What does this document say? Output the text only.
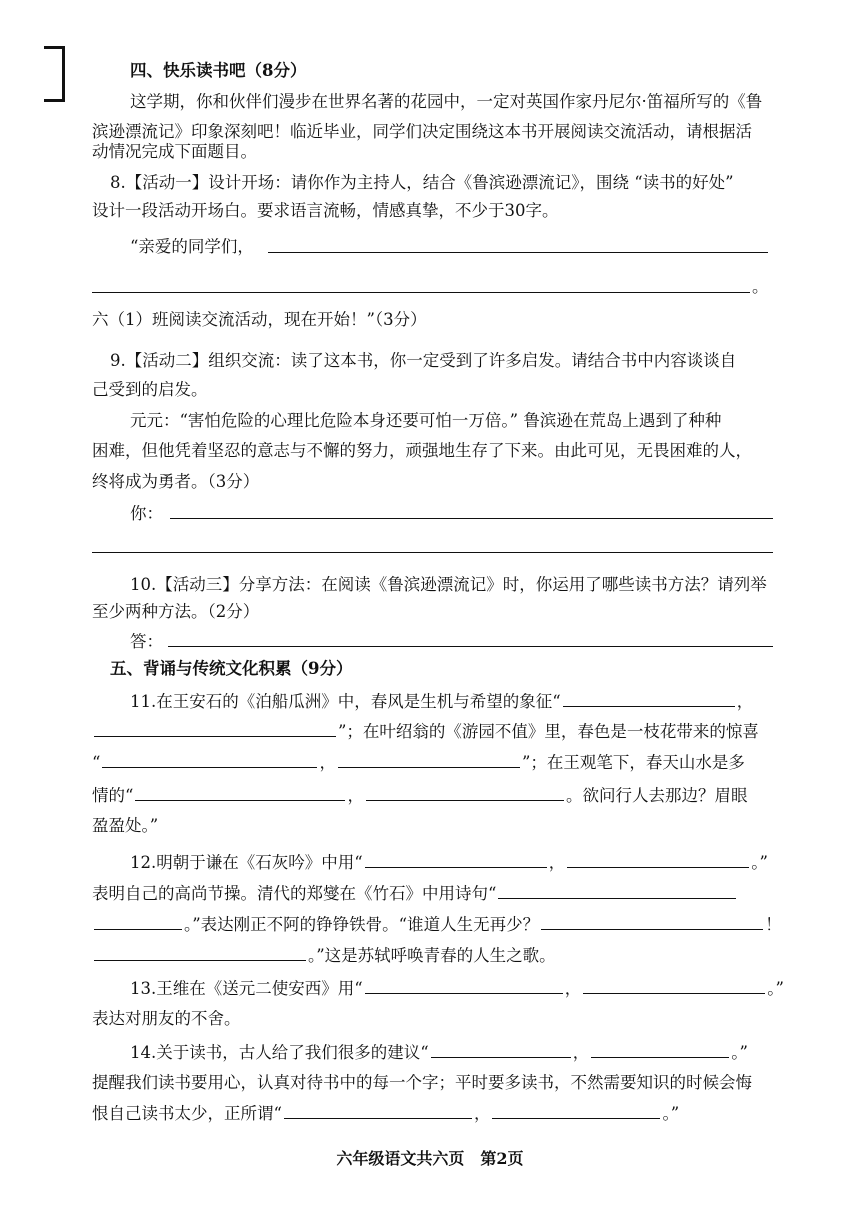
四、快乐读书吧（8分）
这学期，你和伙伴们漫步在世界名著的花园中，一定对英国作家丹尼尔·笛福所写的《鲁
滨逊漂流记》印象深刻吧！临近毕业，同学们决定围绕这本书开展阅读交流活动，请根据活
动情况完成下面题目。
8.【活动一】设计开场：请你作为主持人，结合《鲁滨逊漂流记》，围绕 “读书的好处”
设计一段活动开场白。要求语言流畅，情感真挚，不少于30字。
“亲爱的同学们，
。
六（1）班阅读交流活动，现在开始！”（3分）
9.【活动二】组织交流：读了这本书，你一定受到了许多启发。请结合书中内容谈谈自
己受到的启发。
元元：“害怕危险的心理比危险本身还要可怕一万倍。” 鲁滨逊在荒岛上遇到了种种
困难，但他凭着坚忍的意志与不懈的努力，顽强地生存了下来。由此可见，无畏困难的人，
终将成为勇者。（3分）
你：
10.【活动三】分享方法：在阅读《鲁滨逊漂流记》时，你运用了哪些读书方法？请列举
至少两种方法。（2分）
答：
五、背诵与传统文化积累（9分）
11.在王安石的《泊船瓜洲》中，春风是生机与希望的象征“	，
”；在叶绍翁的《游园不值》里，春色是一枝花带来的惊喜
“	，	”；在王观笔下，春天山水是多
情的“	，	。欲问行人去那边？眉眼
盈盈处。”
12.明朝于谦在《石灰吟》中用“	，	。”
表明自己的高尚节操。清代的郑燮在《竹石》中用诗句“
。”表达刚正不阿的铮铮铁骨。“谁道人生无再少？	！
。”这是苏轼呼唤青春的人生之歌。
13.王维在《送元二使安西》用“	，	。”
表达对朋友的不舍。
14.关于读书，古人给了我们很多的建议“	，	。”
提醒我们读书要用心，认真对待书中的每一个字；平时要多读书，不然需要知识的时候会悔
恨自己读书太少，正所谓“	，	。”
六年级语文共六页　第2页
